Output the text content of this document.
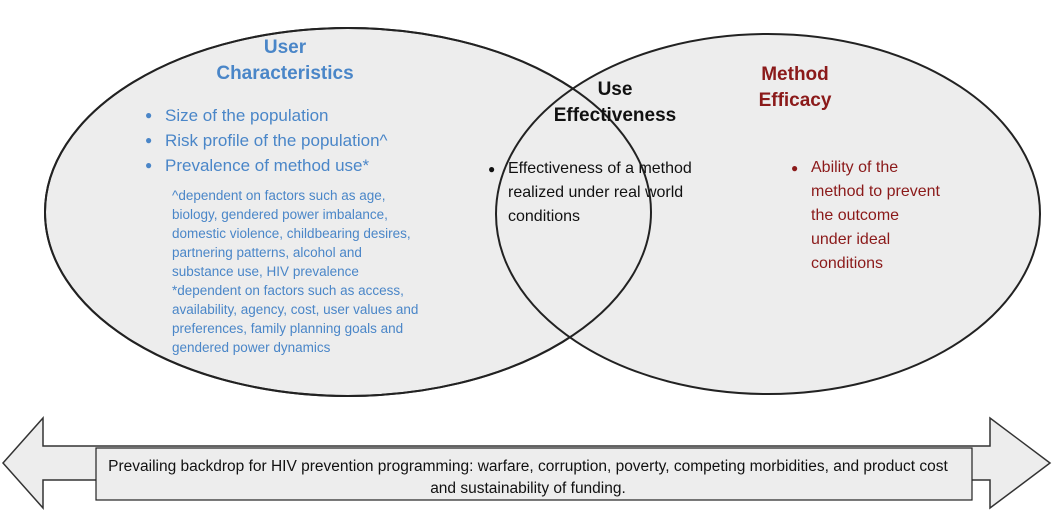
User
Characteristics
● Size of the population
● Risk profile of the population^
● Prevalence of method use*

^dependent on factors such as age,
biology, gendered power imbalance,
domestic violence, childbearing desires,
partnering patterns, alcohol and
substance use, HIV prevalence
*dependent on factors such as access,
availability, agency, cost, user values and
preferences, family planning goals and
gendered power dynamics

Use
Effectiveness
● Effectiveness of a method realized under real world conditions
Method
Efficacy
● Ability of the method to prevent the outcome under ideal conditions

Prevailing backdrop for HIV prevention programming: warfare, corruption, poverty, competing morbidities, and product cost and sustainability of funding.
